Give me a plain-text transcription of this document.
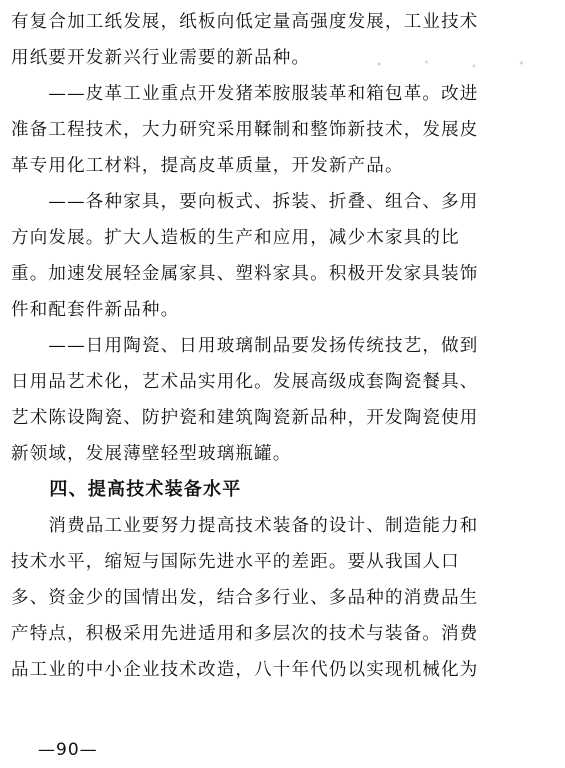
有复合加工纸发展，纸板向低定量高强度发展，工业技术
用纸要开发新兴行业需要的新品种。
　　——皮革工业重点开发猪苯胺服装革和箱包革。改进
准备工程技术，大力研究采用鞣制和整饰新技术，发展皮
革专用化工材料，提高皮革质量，开发新产品。
　　——各种家具，要向板式、拆装、折叠、组合、多用
方向发展。扩大人造板的生产和应用，减少木家具的比
重。加速发展轻金属家具、塑料家具。积极开发家具装饰
件和配套件新品种。
　　——日用陶瓷、日用玻璃制品要发扬传统技艺，做到
日用品艺术化，艺术品实用化。发展高级成套陶瓷餐具、
艺术陈设陶瓷、防护瓷和建筑陶瓷新品种，开发陶瓷使用
新领域，发展薄壁轻型玻璃瓶罐。
　　四、提高技术装备水平
　　消费品工业要努力提高技术装备的设计、制造能力和
技术水平，缩短与国际先进水平的差距。要从我国人口
多、资金少的国情出发，结合多行业、多品种的消费品生
产特点，积极采用先进适用和多层次的技术与装备。消费
品工业的中小企业技术改造，八十年代仍以实现机械化为
—90—
